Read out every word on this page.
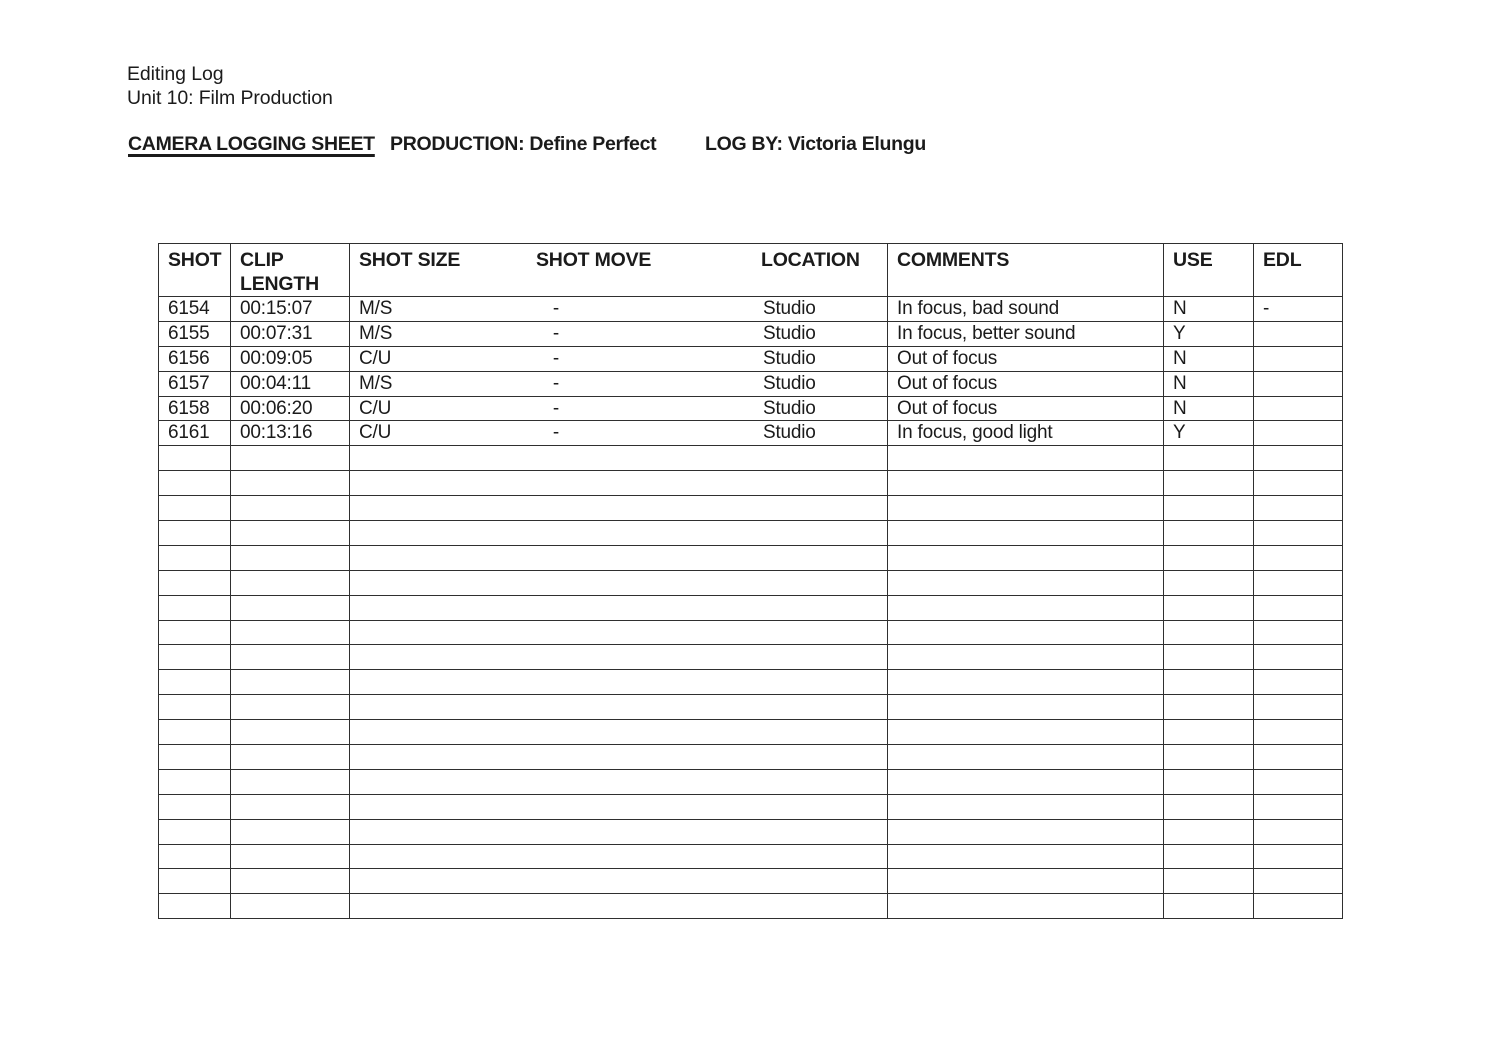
Editing Log
Unit 10: Film Production
CAMERA LOGGING SHEET PRODUCTION: Define Perfect LOG BY: Victoria Elungu
SHOT	CLIP LENGTH	SHOT SIZE SHOT MOVE LOCATION	COMMENTS	USE	EDL
6154	00:15:07	M/S - Studio	In focus, bad sound	N	-
6155	00:07:31	M/S - Studio	In focus, better sound	Y	
6156	00:09:05	C/U - Studio	Out of focus	N	
6157	00:04:11	M/S - Studio	Out of focus	N	
6158	00:06:20	C/U - Studio	Out of focus	N	
6161	00:13:16	C/U - Studio	In focus, good light	Y	
